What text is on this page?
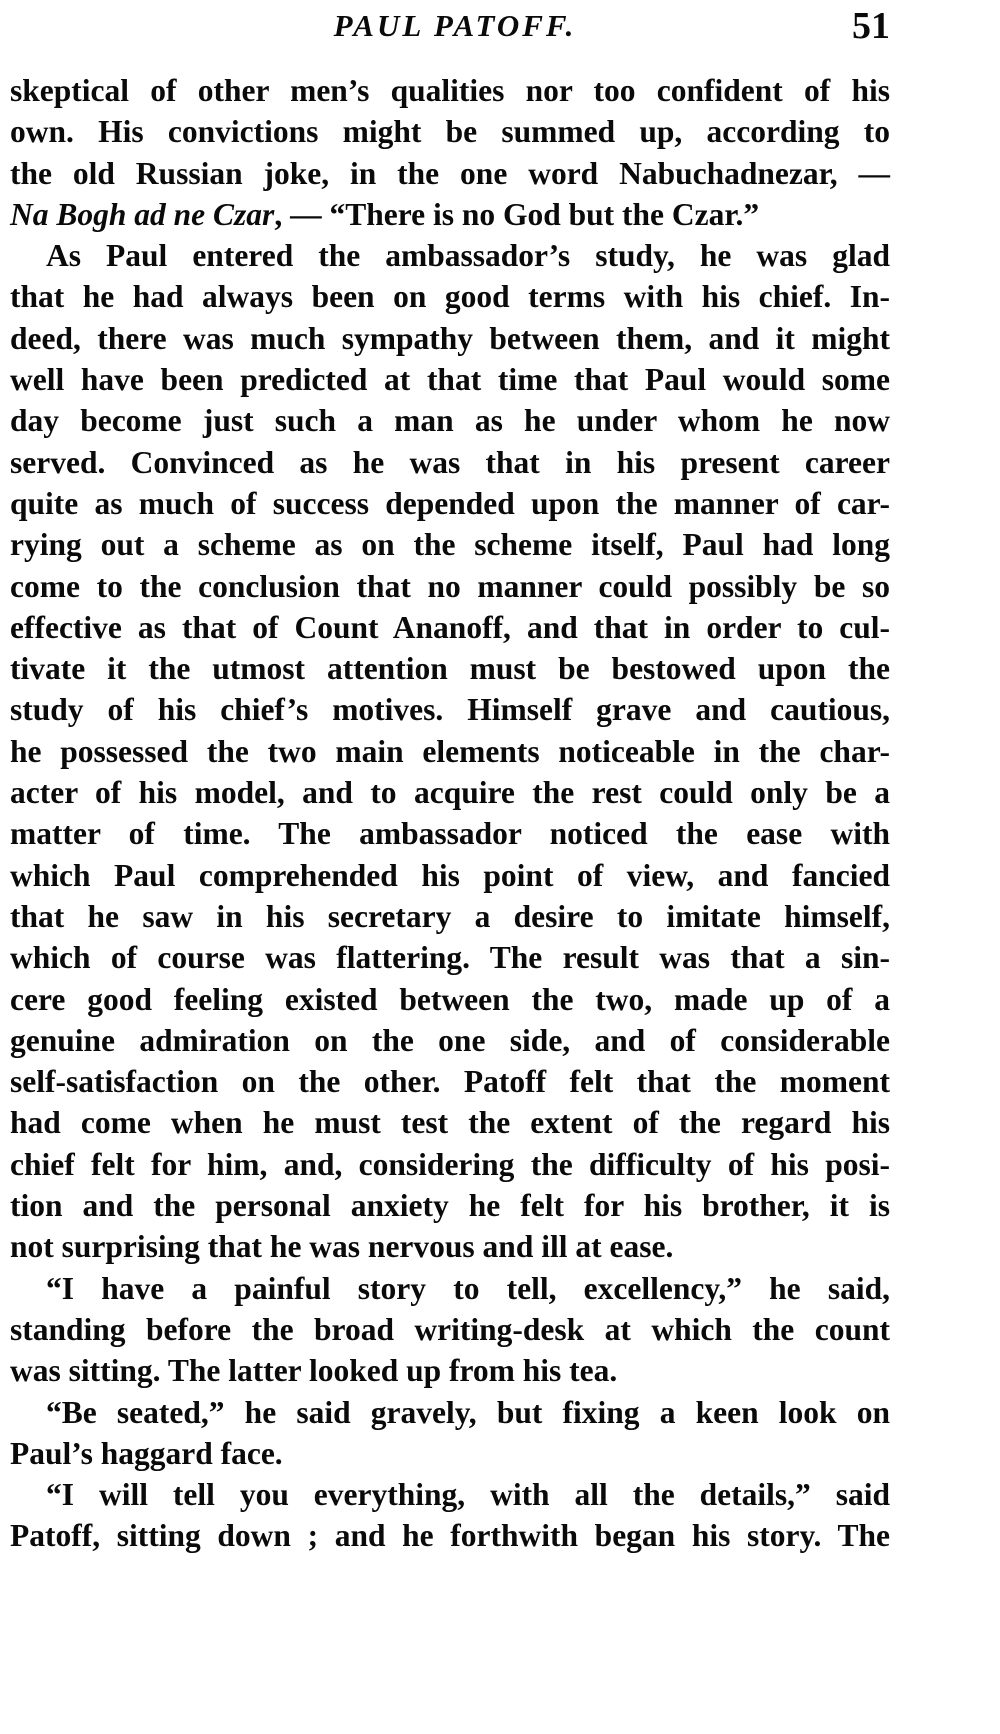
PAUL PATOFF.	51

skeptical of other men’s qualities nor too confident of his
own. His convictions might be summed up, according to
the old Russian joke, in the one word Nabuchadnezar, —
Na Bogh ad ne Czar, — “There is no God but the Czar.”

As Paul entered the ambassador’s study, he was glad
that he had always been on good terms with his chief. In-
deed, there was much sympathy between them, and it might
well have been predicted at that time that Paul would some
day become just such a man as he under whom he now
served. Convinced as he was that in his present career
quite as much of success depended upon the manner of car-
rying out a scheme as on the scheme itself, Paul had long
come to the conclusion that no manner could possibly be so
effective as that of Count Ananoff, and that in order to cul-
tivate it the utmost attention must be bestowed upon the
study of his chief’s motives. Himself grave and cautious,
he possessed the two main elements noticeable in the char-
acter of his model, and to acquire the rest could only be a
matter of time. The ambassador noticed the ease with
which Paul comprehended his point of view, and fancied
that he saw in his secretary a desire to imitate himself,
which of course was flattering. The result was that a sin-
cere good feeling existed between the two, made up of a
genuine admiration on the one side, and of considerable
self-satisfaction on the other. Patoff felt that the moment
had come when he must test the extent of the regard his
chief felt for him, and, considering the difficulty of his posi-
tion and the personal anxiety he felt for his brother, it is
not surprising that he was nervous and ill at ease.

“I have a painful story to tell, excellency,” he said,
standing before the broad writing-desk at which the count
was sitting. The latter looked up from his tea.

“Be seated,” he said gravely, but fixing a keen look on
Paul’s haggard face.

“I will tell you everything, with all the details,” said
Patoff, sitting down ; and he forthwith began his story. The
